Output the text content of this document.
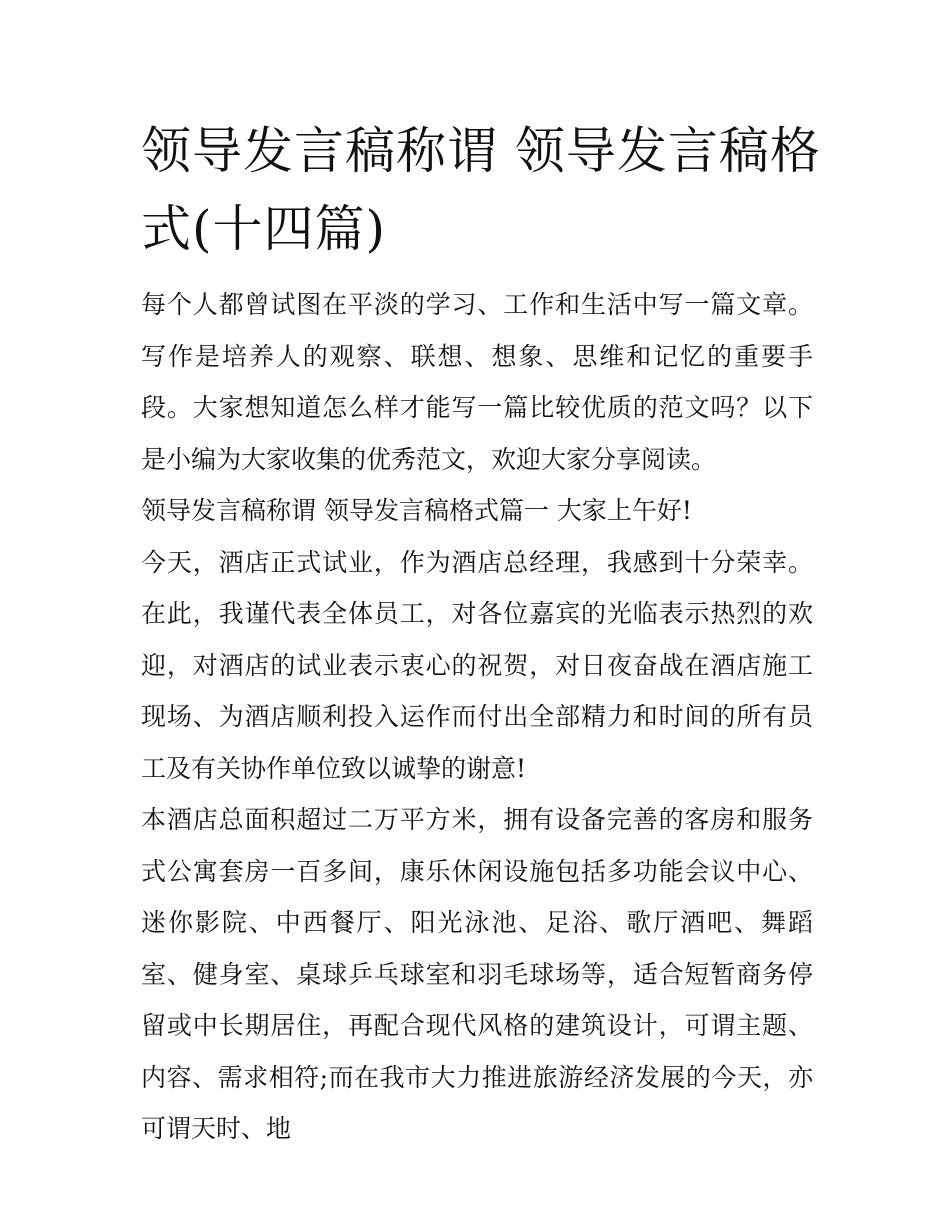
领导发言稿称谓 领导发言稿格式(十四篇)

每个人都曾试图在平淡的学习、工作和生活中写一篇文章。写作是培养人的观察、联想、想象、思维和记忆的重要手段。大家想知道怎么样才能写一篇比较优质的范文吗？以下是小编为大家收集的优秀范文，欢迎大家分享阅读。

领导发言稿称谓 领导发言稿格式篇一 大家上午好!

今天，酒店正式试业，作为酒店总经理，我感到十分荣幸。在此，我谨代表全体员工，对各位嘉宾的光临表示热烈的欢迎，对酒店的试业表示衷心的祝贺，对日夜奋战在酒店施工现场、为酒店顺利投入运作而付出全部精力和时间的所有员工及有关协作单位致以诚挚的谢意!

本酒店总面积超过二万平方米，拥有设备完善的客房和服务式公寓套房一百多间，康乐休闲设施包括多功能会议中心、迷你影院、中西餐厅、阳光泳池、足浴、歌厅酒吧、舞蹈室、健身室、桌球乒乓球室和羽毛球场等，适合短暂商务停留或中长期居住，再配合现代风格的建筑设计，可谓主题、内容、需求相符;而在我市大力推进旅游经济发展的今天，亦可谓天时、地
